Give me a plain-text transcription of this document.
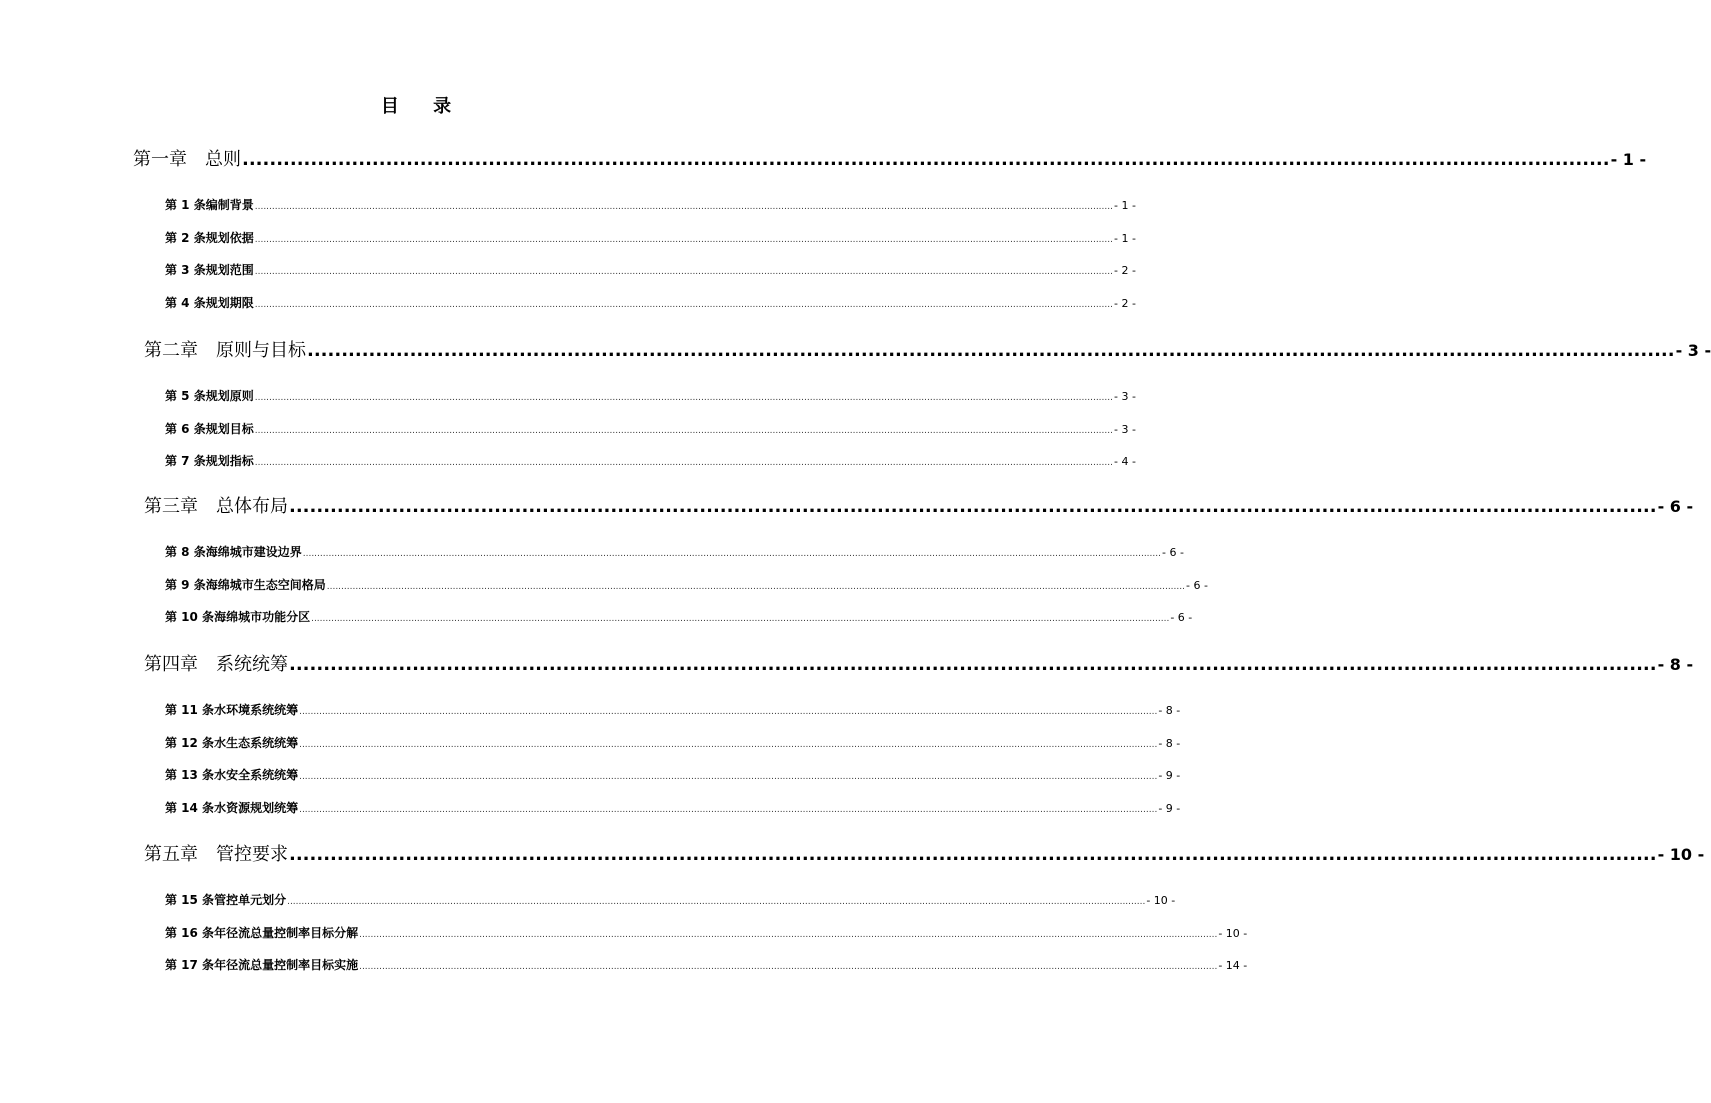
目 录
第一章 总则 ........................................................................................................................................................................................................ - 1 -
第 1 条 编制背景 ............................................................................................................................................................................................................................................................................................................ - 1 -
第 2 条 规划依据 ............................................................................................................................................................................................................................................................................................................ - 1 -
第 3 条 规划范围 ............................................................................................................................................................................................................................................................................................................ - 2 -
第 4 条 规划期限 ............................................................................................................................................................................................................................................................................................................ - 2 -
第二章 原则与目标 ........................................................................................................................................................................................................ - 3 -
第 5 条 规划原则 ............................................................................................................................................................................................................................................................................................................ - 3 -
第 6 条 规划目标 ............................................................................................................................................................................................................................................................................................................ - 3 -
第 7 条 规划指标 ............................................................................................................................................................................................................................................................................................................ - 4 -
第三章 总体布局 ........................................................................................................................................................................................................ - 6 -
第 8 条 海绵城市建设边界 ............................................................................................................................................................................................................................................................................................................ - 6 -
第 9 条 海绵城市生态空间格局 ............................................................................................................................................................................................................................................................................................................ - 6 -
第 10 条 海绵城市功能分区 ............................................................................................................................................................................................................................................................................................................ - 6 -
第四章 系统统筹 ........................................................................................................................................................................................................ - 8 -
第 11 条 水环境系统统筹 ............................................................................................................................................................................................................................................................................................................ - 8 -
第 12 条 水生态系统统筹 ............................................................................................................................................................................................................................................................................................................ - 8 -
第 13 条 水安全系统统筹 ............................................................................................................................................................................................................................................................................................................ - 9 -
第 14 条 水资源规划统筹 ............................................................................................................................................................................................................................................................................................................ - 9 -
第五章 管控要求 ........................................................................................................................................................................................................ - 10 -
第 15 条 管控单元划分 ............................................................................................................................................................................................................................................................................................................ - 10 -
第 16 条 年径流总量控制率目标分解 ............................................................................................................................................................................................................................................................................................................ - 10 -
第 17 条 年径流总量控制率目标实施 ............................................................................................................................................................................................................................................................................................................ - 14 -
